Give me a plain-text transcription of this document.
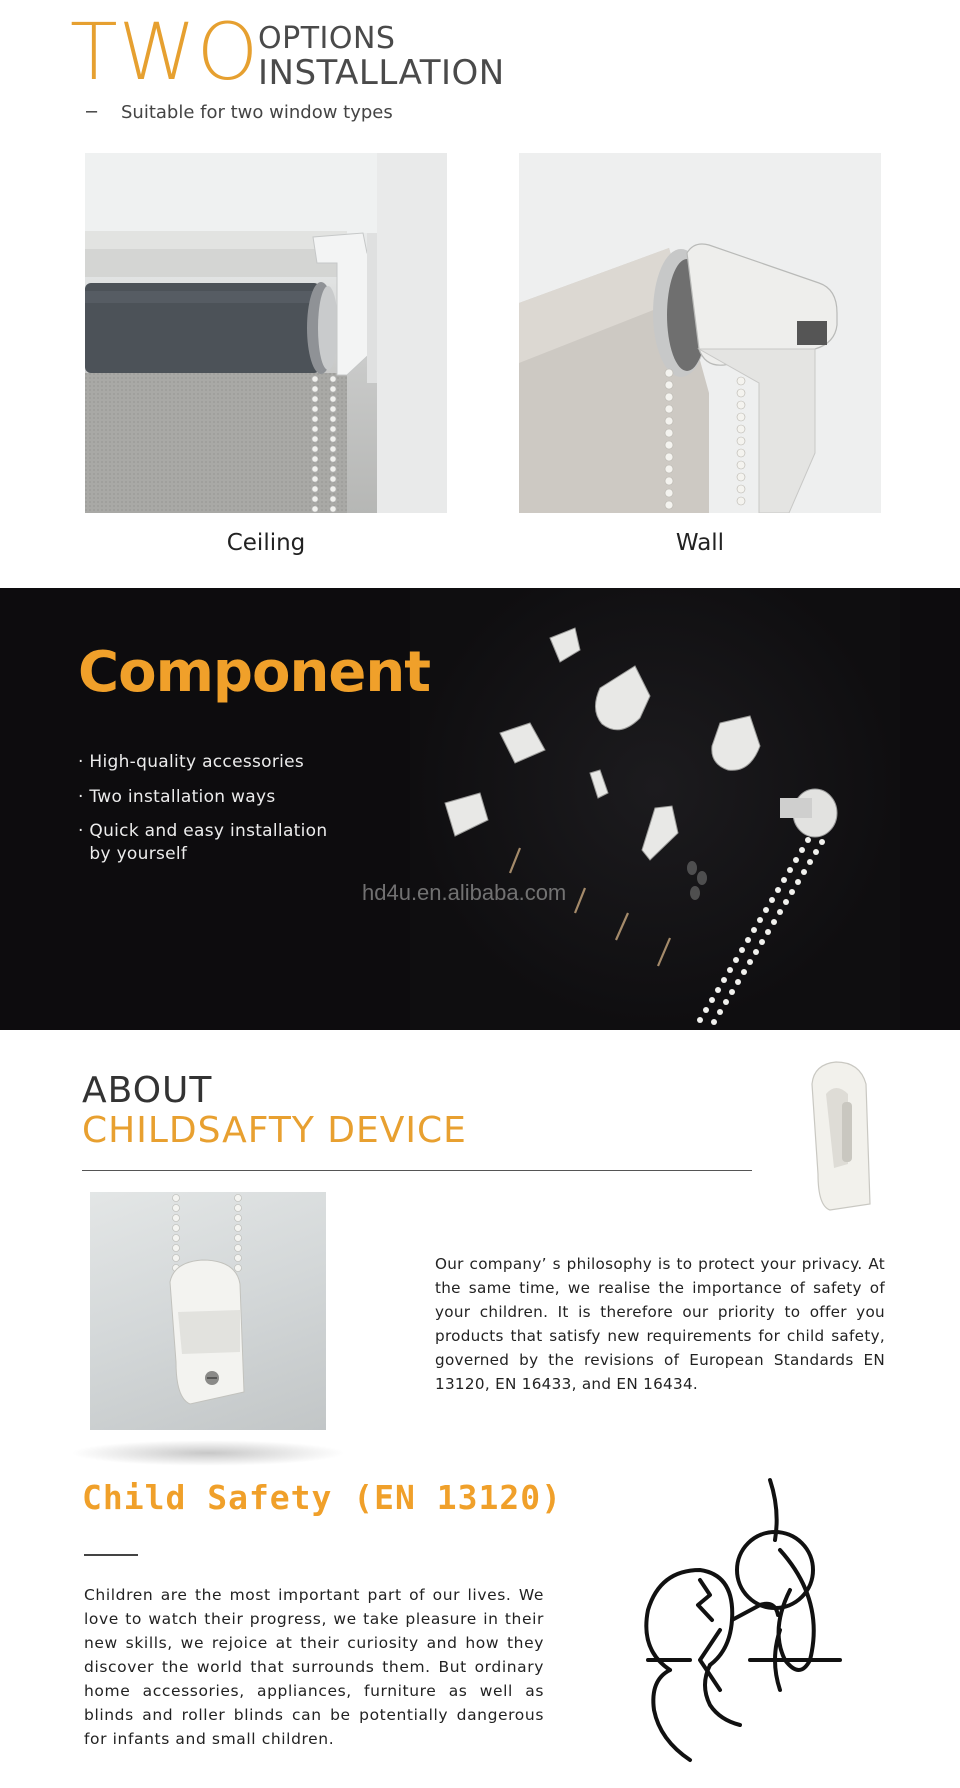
TWO
OPTIONS
INSTALLATION
– Suitable for two window types
Ceiling	Wall
Component
· High-quality accessories
· Two installation ways
· Quick and easy installation
by yourself
hd4u.en.alibaba.com
ABOUT
CHILDSAFTY DEVICE

Our company’ s philosophy is to protect your privacy. At the same time, we realise the importance of safety of your children. It is therefore our priority to offer you products that satisfy new requirements for child safety, governed by the revisions of European Standards EN 13120, EN 16433, and EN 16434.

Child Safety (EN 13120)

Children are the most important part of our lives. We love to watch their progress, we take pleasure in their new skills, we rejoice at their curiosity and how they discover the world that surrounds them. But ordinary home accessories, appliances, furniture as well as blinds and roller blinds can be potentially dangerous for infants and small children.
